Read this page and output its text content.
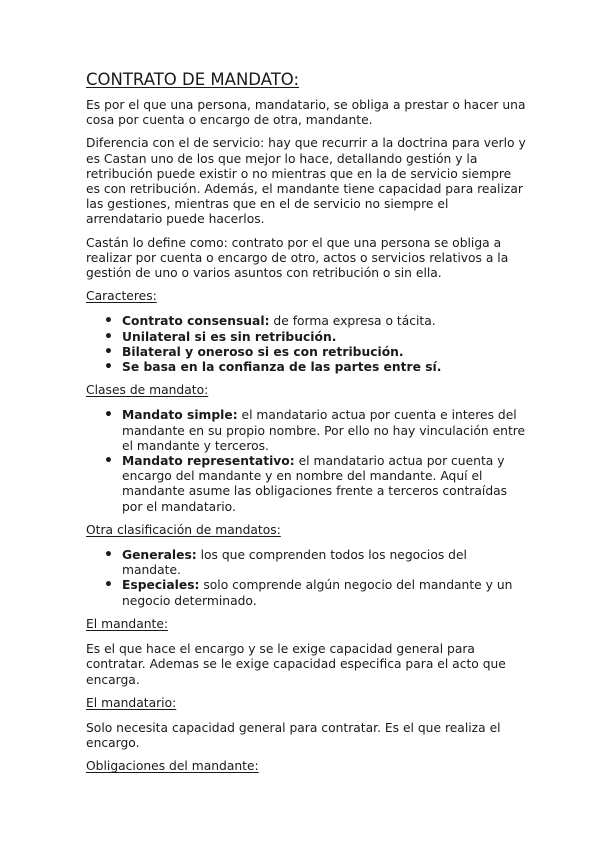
CONTRATO DE MANDATO:

Es por el que una persona, mandatario, se obliga a prestar o hacer una cosa por cuenta o encargo de otra, mandante.

Diferencia con el de servicio: hay que recurrir a la doctrina para verlo y es Castan uno de los que mejor lo hace, detallando gestión y la retribución puede existir o no mientras que en la de servicio siempre es con retribución. Además, el mandante tiene capacidad para realizar las gestiones, mientras que en el de servicio no siempre el arrendatario puede hacerlos.

Castán lo define como: contrato por el que una persona se obliga a realizar por cuenta o encargo de otro, actos o servicios relativos a la gestión de uno o varios asuntos con retribución o sin ella.

Caracteres:
• Contrato consensual: de forma expresa o tácita.
• Unilateral si es sin retribución.
• Bilateral y oneroso si es con retribución.
• Se basa en la confianza de las partes entre sí.
Clases de mandato:
• Mandato simple: el mandatario actua por cuenta e interes del mandante en su propio nombre. Por ello no hay vinculación entre el mandante y terceros.
• Mandato representativo: el mandatario actua por cuenta y encargo del mandante y en nombre del mandante. Aquí el mandante asume las obligaciones frente a terceros contraídas por el mandatario.
Otra clasificación de mandatos:
• Generales: los que comprenden todos los negocios del mandate.
• Especiales: solo comprende algún negocio del mandante y un negocio determinado.
El mandante:

Es el que hace el encargo y se le exige capacidad general para contratar. Ademas se le exige capacidad especifica para el acto que encarga.

El mandatario:

Solo necesita capacidad general para contratar. Es el que realiza el encargo.

Obligaciones del mandante:
